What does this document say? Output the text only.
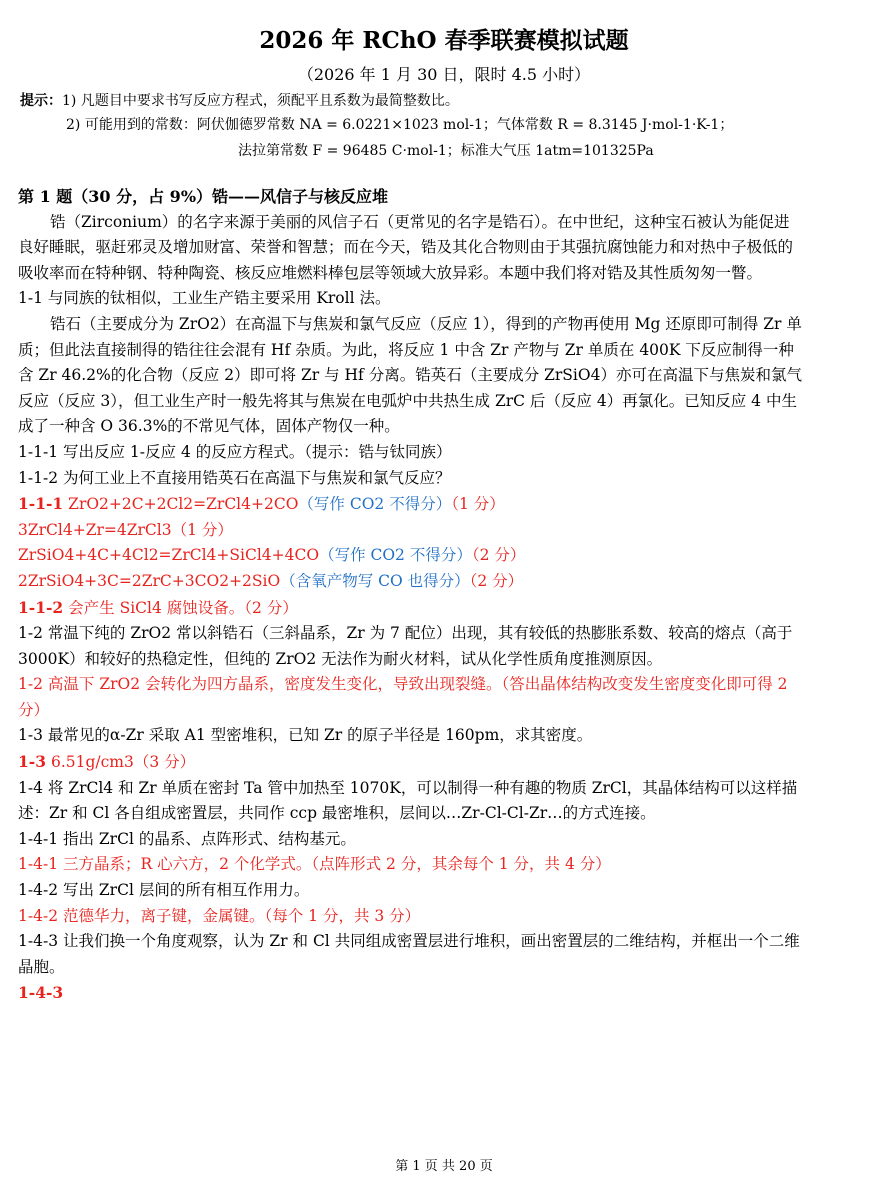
2026 年 RChO 春季联赛模拟试题
（2026 年 1 月 30 日，限时 4.5 小时）
提示：1) 凡题目中要求书写反应方程式，须配平且系数为最简整数比。
2) 可能用到的常数：阿伏伽德罗常数 NA = 6.0221×1023 mol-1；气体常数 R = 8.3145 J·mol-1·K-1；
法拉第常数 F = 96485 C·mol-1；标准大气压 1atm=101325Pa

第 1 题（30 分，占 9%）锆——风信子与核反应堆

锆（Zirconium）的名字来源于美丽的风信子石（更常见的名字是锆石）。在中世纪，这种宝石被认为能促进良好睡眠，驱赶邪灵及增加财富、荣誉和智慧；而在今天，锆及其化合物则由于其强抗腐蚀能力和对热中子极低的吸收率而在特种钢、特种陶瓷、核反应堆燃料棒包层等领域大放异彩。本题中我们将对锆及其性质匆匆一瞥。

1-1 与同族的钛相似，工业生产锆主要采用 Kroll 法。

锆石（主要成分为 ZrO2）在高温下与焦炭和氯气反应（反应 1），得到的产物再使用 Mg 还原即可制得 Zr 单质；但此法直接制得的锆往往会混有 Hf 杂质。为此，将反应 1 中含 Zr 产物与 Zr 单质在 400K 下反应制得一种含 Zr 46.2%的化合物（反应 2）即可将 Zr 与 Hf 分离。锆英石（主要成分 ZrSiO4）亦可在高温下与焦炭和氯气反应（反应 3），但工业生产时一般先将其与焦炭在电弧炉中共热生成 ZrC 后（反应 4）再氯化。已知反应 4 中生成了一种含 O 36.3%的不常见气体，固体产物仅一种。

1-1-1 写出反应 1-反应 4 的反应方程式。（提示：锆与钛同族）

1-1-2 为何工业上不直接用锆英石在高温下与焦炭和氯气反应？

1-1-1 ZrO2+2C+2Cl2=ZrCl4+2CO（写作 CO2 不得分）（1 分）

3ZrCl4+Zr=4ZrCl3（1 分）

ZrSiO4+4C+4Cl2=ZrCl4+SiCl4+4CO（写作 CO2 不得分）（2 分）

2ZrSiO4+3C=2ZrC+3CO2+2SiO（含氧产物写 CO 也得分）（2 分）

1-1-2 会产生 SiCl4 腐蚀设备。（2 分）

1-2 常温下纯的 ZrO2 常以斜锆石（三斜晶系，Zr 为 7 配位）出现，其有较低的热膨胀系数、较高的熔点（高于 3000K）和较好的热稳定性，但纯的 ZrO2 无法作为耐火材料，试从化学性质角度推测原因。

1-2 高温下 ZrO2 会转化为四方晶系，密度发生变化，导致出现裂缝。（答出晶体结构改变发生密度变化即可得 2 分）

1-3 最常见的α-Zr 采取 A1 型密堆积，已知 Zr 的原子半径是 160pm，求其密度。

1-3 6.51g/cm3（3 分）

1-4 将 ZrCl4 和 Zr 单质在密封 Ta 管中加热至 1070K，可以制得一种有趣的物质 ZrCl，其晶体结构可以这样描述：Zr 和 Cl 各自组成密置层，共同作 ccp 最密堆积，层间以…Zr-Cl-Cl-Zr…的方式连接。

1-4-1 指出 ZrCl 的晶系、点阵形式、结构基元。

1-4-1 三方晶系；R 心六方，2 个化学式。（点阵形式 2 分，其余每个 1 分，共 4 分）

1-4-2 写出 ZrCl 层间的所有相互作用力。

1-4-2 范德华力，离子键，金属键。（每个 1 分，共 3 分）

1-4-3 让我们换一个角度观察，认为 Zr 和 Cl 共同组成密置层进行堆积，画出密置层的二维结构，并框出一个二维晶胞。

1-4-3

第 1 页 共 20 页
